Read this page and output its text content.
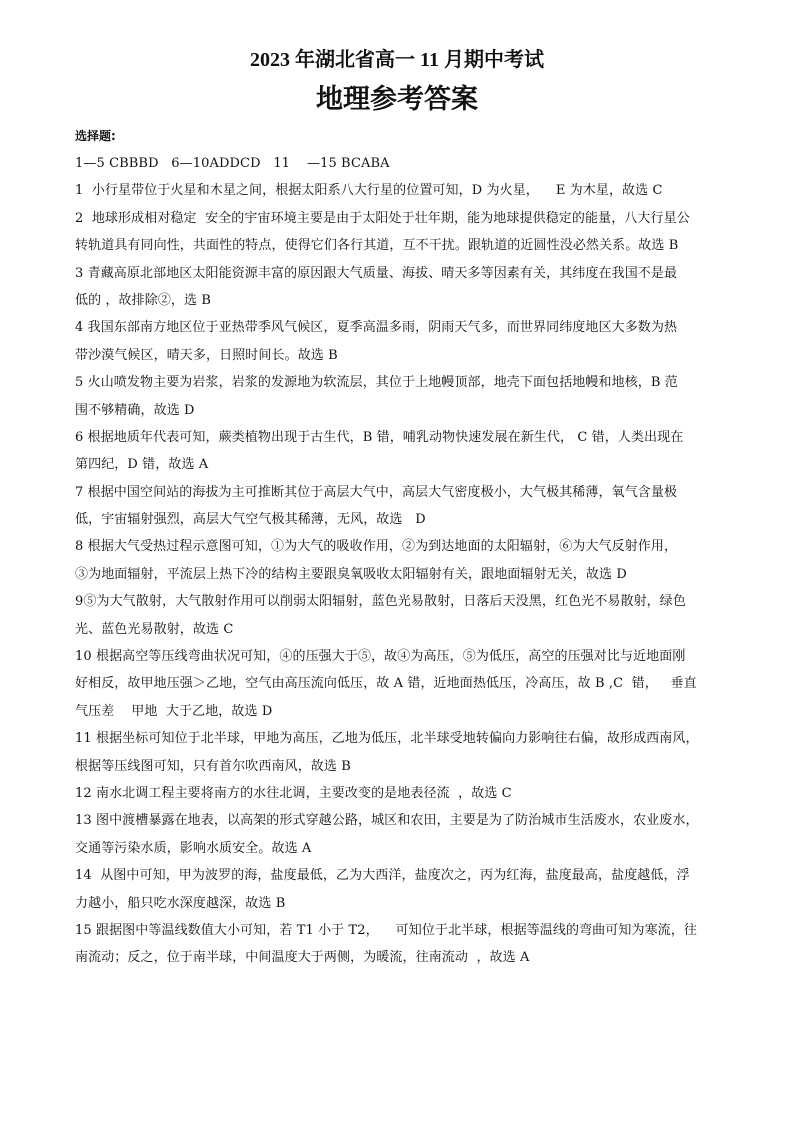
2023 年湖北省高一 11 月期中考试
地理参考答案
选择题:
1—5 CBBBD   6—10ADDCD   11    —15 BCABA
1  小行星带位于火星和木星之间，根据太阳系八大行星的位置可知，D 为火星，    E 为木星，故选 C
2  地球形成相对稳定  安全的宇宙环境主要是由于太阳处于壮年期，能为地球提供稳定的能量，八大行星公
转轨道具有同向性，共面性的特点，使得它们各行其道，互不干扰。跟轨道的近圆性没必然关系。故选 B
3 青藏高原北部地区太阳能资源丰富的原因跟大气质量、海拔、晴天多等因素有关，其纬度在我国不是最
低的 ，故排除②，选 B
4 我国东部南方地区位于亚热带季风气候区，夏季高温多雨，阴雨天气多，而世界同纬度地区大多数为热
带沙漠气候区，晴天多，日照时间长。故选 B
5 火山喷发物主要为岩浆，岩浆的发源地为软流层，其位于上地幔顶部，地壳下面包括地幔和地核，B 范
围不够精确，故选 D
6 根据地质年代表可知，蕨类植物出现于古生代，B 错，哺乳动物快速发展在新生代， C 错，人类出现在
第四纪，D 错，故选 A
7 根据中国空间站的海拔为主可推断其位于高层大气中，高层大气密度极小，大气极其稀薄，氧气含量极
低，宇宙辐射强烈，高层大气空气极其稀薄，无风，故选   D
8 根据大气受热过程示意图可知，①为大气的吸收作用，②为到达地面的太阳辐射，⑥为大气反射作用，
③为地面辐射，平流层上热下冷的结构主要跟臭氧吸收太阳辐射有关，跟地面辐射无关，故选 D
9⑤为大气散射，大气散射作用可以削弱太阳辐射，蓝色光易散射，日落后天没黑，红色光不易散射，绿色
光、蓝色光易散射，故选 C
10 根据高空等压线弯曲状况可知，④的压强大于⑤，故④为高压，⑤为低压，高空的压强对比与近地面刚
好相反，故甲地压强＞乙地，空气由高压流向低压，故 A 错，近地面热低压，冷高压，故 B ,C  错，   垂直
气压差    甲地  大于乙地，故选 D
11 根据坐标可知位于北半球，甲地为高压，乙地为低压，北半球受地转偏向力影响往右偏，故形成西南风，
根据等压线图可知，只有首尔吹西南风，故选 B
12 南水北调工程主要将南方的水往北调，主要改变的是地表径流  ，故选 C
13 图中渡槽暴露在地表，以高架的形式穿越公路，城区和农田，主要是为了防治城市生活废水，农业废水，
交通等污染水质，影响水质安全。故选 A
14  从图中可知，甲为波罗的海，盐度最低，乙为大西洋，盐度次之，丙为红海，盐度最高，盐度越低，浮
力越小，船只吃水深度越深，故选 B
15 跟据图中等温线数值大小可知，若 T1 小于 T2，    可知位于北半球，根据等温线的弯曲可知为寒流，往
南流动；反之，位于南半球，中间温度大于两侧，为暖流，往南流动  ，故选 A
